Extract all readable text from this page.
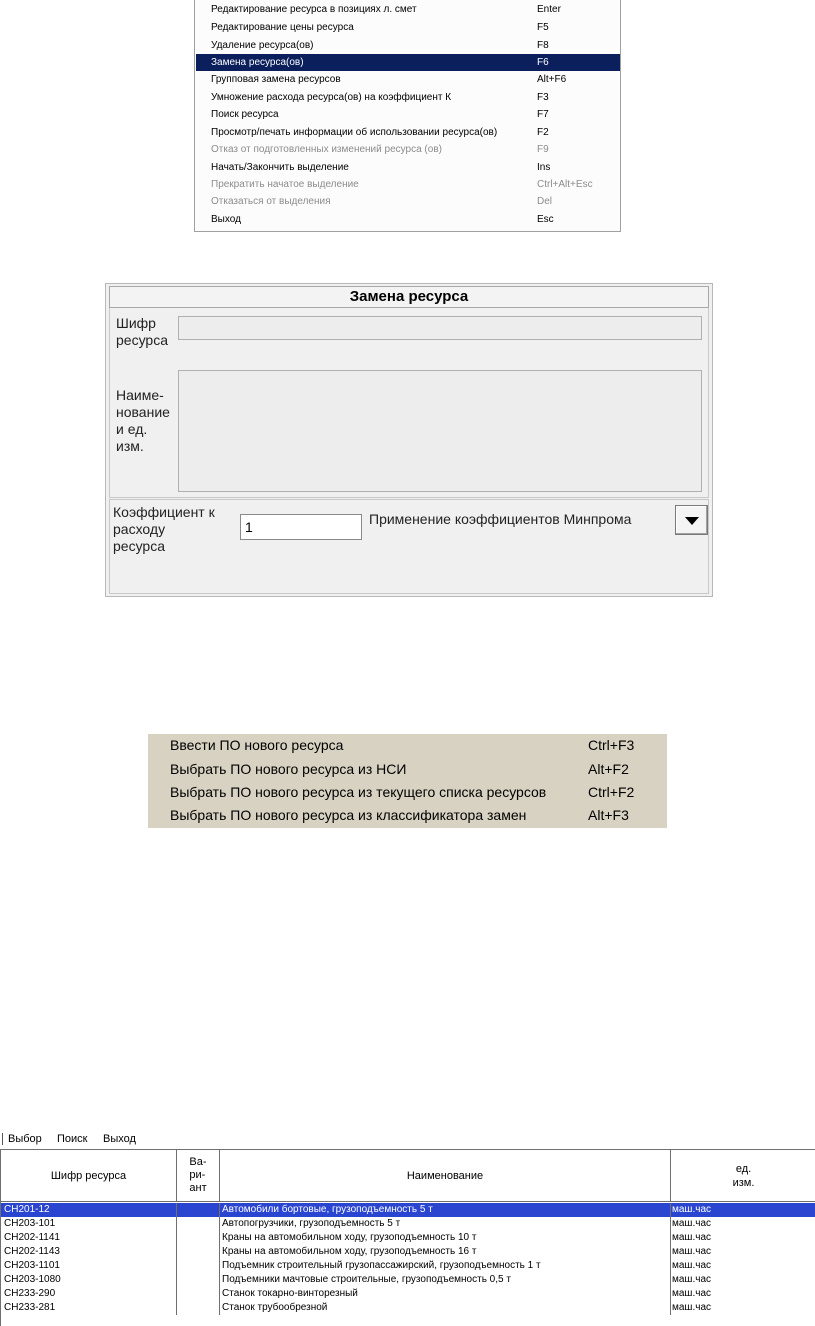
Редактирование ресурса в позициях л. смет	Enter
Редактирование цены ресурса	F5
Удаление ресурса(ов)	F8
Замена ресурса(ов)	F6
Групповая замена ресурсов	Alt+F6
Умножение расхода ресурса(ов) на коэффициент К	F3
Поиск ресурса	F7
Просмотр/печать информации об использовании ресурса(ов)	F2
Отказ от подготовленных изменений ресурса (ов)	F9
Начать/Закончить выделение	Ins
Прекратить начатое выделение	Ctrl+Alt+Esc
Отказаться от выделения	Del
Выход	Esc
Замена ресурса
Шифр
ресурса
Наиме-
нование
и ед.
изм.
Коэффициент к
расходу
ресурса
1
Применение коэффициентов Минпрома
Ввести ПО нового ресурса	Ctrl+F3
Выбрать ПО нового ресурса из НСИ	Alt+F2
Выбрать ПО нового ресурса из текущего списка ресурсов	Ctrl+F2
Выбрать ПО нового ресурса из классификатора замен	Alt+F3
Выбор Поиск Выход
Шифр ресурса
Ва-
ри-
ант
Наименование
ед.
изм.
СН201-12	Автомобили бортовые, грузоподъемность 5 т	маш.час
СН203-101	Автопогрузчики, грузоподъемность 5 т	маш.час
СН202-1141	Краны на автомобильном ходу, грузоподъемность 10 т	маш.час
СН202-1143	Краны на автомобильном ходу, грузоподъемность 16 т	маш.час
СН203-1101	Подъемник строительный грузопассажирский, грузоподъемность 1 т	маш.час
СН203-1080	Подъемники мачтовые строительные, грузоподъемность 0,5 т	маш.час
СН233-290	Станок токарно-винторезный	маш.час
СН233-281	Станок трубообрезной	маш.час
